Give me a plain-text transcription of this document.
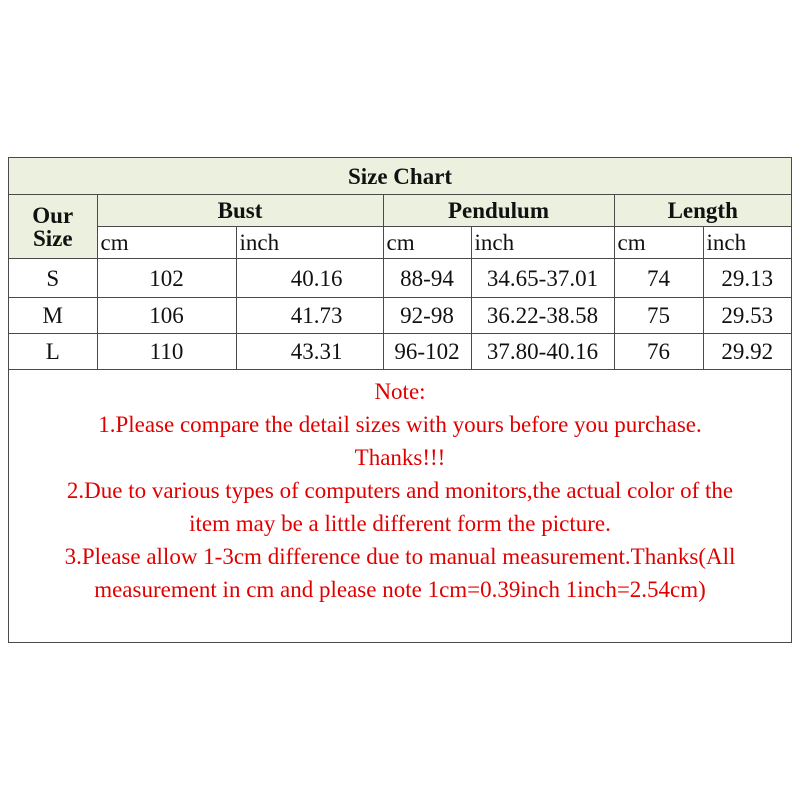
Size Chart						

Our
Size	Bust		Pendulum		Length	
	cm	inch	cm	inch	cm	inch
S	102	40.16	88-94	34.65-37.01	74	29.13
M	106	41.73	92-98	36.22-38.58	75	29.53
L	110	43.31	96-102	37.80-40.16	76	29.92
Note:
1.Please compare the detail sizes with yours before you purchase.
Thanks!!!
2.Due to various types of computers and monitors,the actual color of the
item may be a little different form the picture.
3.Please allow 1-3cm difference due to manual measurement.Thanks(All
measurement in cm and please note 1cm=0.39inch 1inch=2.54cm)
